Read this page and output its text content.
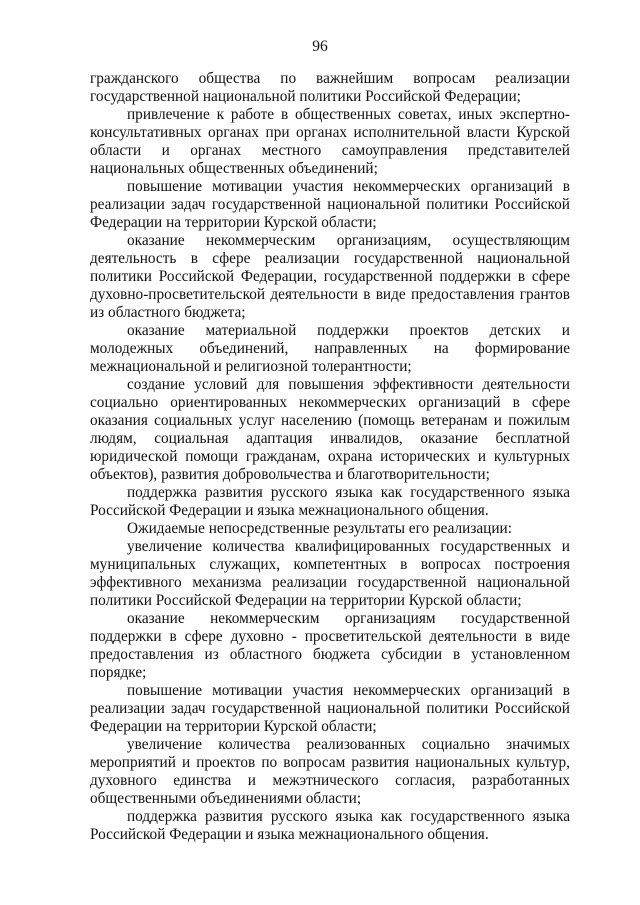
96

гражданского общества по важнейшим вопросам реализации государственной национальной политики Российской Федерации;

привлечение к работе в общественных советах, иных экспертно-консультативных органах при органах исполнительной власти Курской области и органах местного самоуправления представителей национальных общественных объединений;

повышение мотивации участия некоммерческих организаций в реализации задач государственной национальной политики Российской Федерации на территории Курской области;

оказание некоммерческим организациям, осуществляющим деятельность в сфере реализации государственной национальной политики Российской Федерации, государственной поддержки в сфере духовно-просветительской деятельности в виде предоставления грантов из областного бюджета;

оказание материальной поддержки проектов детских и молодежных объединений, направленных на формирование межнациональной и религиозной толерантности;

создание условий для повышения эффективности деятельности социально ориентированных некоммерческих организаций в сфере оказания социальных услуг населению (помощь ветеранам и пожилым людям, социальная адаптация инвалидов, оказание бесплатной юридической помощи гражданам, охрана исторических и культурных объектов), развития добровольчества и благотворительности;

поддержка развития русского языка как государственного языка Российской Федерации и языка межнационального общения.

Ожидаемые непосредственные результаты его реализации:

увеличение количества квалифицированных государственных и муниципальных служащих, компетентных в вопросах построения эффективного механизма реализации государственной национальной политики Российской Федерации на территории Курской области;

оказание некоммерческим организациям государственной поддержки в сфере духовно - просветительской деятельности в виде предоставления из областного бюджета субсидии в установленном порядке;

повышение мотивации участия некоммерческих организаций в реализации задач государственной национальной политики Российской Федерации на территории Курской области;

увеличение количества реализованных социально значимых мероприятий и проектов по вопросам развития национальных культур, духовного единства и межэтнического согласия, разработанных общественными объединениями области;

поддержка развития русского языка как государственного языка Российской Федерации и языка межнационального общения.
